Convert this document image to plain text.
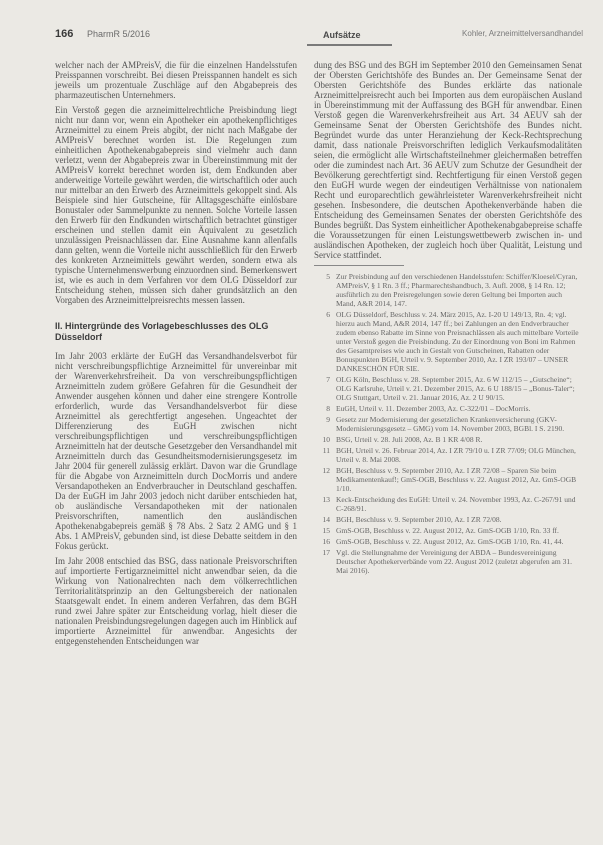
166 PharmR 5/2016	Aufsätze	Kohler, Arzneimittelversandhandel

welcher nach der AMPreisV, die für die einzelnen Handelsstufen Preisspannen vorschreibt. Bei diesen Preisspannen handelt es sich jeweils um prozentuale Zuschläge auf den Abgabepreis des pharmazeutischen Unternehmers.

Ein Verstoß gegen die arzneimittelrechtliche Preisbindung liegt nicht nur dann vor, wenn ein Apotheker ein apothekenpflichtiges Arzneimittel zu einem Preis abgibt, der nicht nach Maßgabe der AMPreisV berechnet worden ist. Die Regelungen zum einheitlichen Apothekenabgabepreis sind vielmehr auch dann verletzt, wenn der Abgabepreis zwar in Übereinstimmung mit der AMPreisV korrekt berechnet worden ist, dem Endkunden aber anderweitige Vorteile gewährt werden, die wirtschaftlich oder auch nur mittelbar an den Erwerb des Arzneimittels gekoppelt sind. Als Beispiele sind hier Gutscheine, für Alltagsgeschäfte einlösbare Bonustaler oder Sammelpunkte zu nennen. Solche Vorteile lassen den Erwerb für den Endkunden wirtschaftlich betrachtet günstiger erscheinen und stellen damit ein Äquivalent zu gesetzlich unzulässigen Preisnachlässen dar. Eine Ausnahme kann allenfalls dann gelten, wenn die Vorteile nicht ausschließlich für den Erwerb des konkreten Arzneimittels gewährt werden, sondern etwa als typische Unternehmenswerbung einzuordnen sind. Bemerkenswert ist, wie es auch in dem Verfahren vor dem OLG Düsseldorf zur Entscheidung stehen, müssen sich daher grundsätzlich an den Vorgaben des Arzneimittelpreisrechts messen lassen.

II. Hintergründe des Vorlagebeschlusses des OLG Düsseldorf

Im Jahr 2003 erklärte der EuGH das Versandhandelsverbot für nicht verschreibungspflichtige Arzneimittel für unvereinbar mit der Warenverkehrsfreiheit. Da von verschreibungspflichtigen Arzneimitteln zudem größere Gefahren für die Gesundheit der Anwender ausgehen können und daher eine strengere Kontrolle erforderlich, wurde das Versandhandelsverbot für diese Arzneimittel als gerechtfertigt angesehen. Ungeachtet der Differenzierung des EuGH zwischen nicht verschreibungspflichtigen und verschreibungspflichtigen Arzneimitteln hat der deutsche Gesetzgeber den Versandhandel mit Arzneimitteln durch das Gesundheitsmodernisierungsgesetz im Jahr 2004 für generell zulässig erklärt. Davon war die Grundlage für die Abgabe von Arzneimitteln durch DocMorris und andere Versandapotheken an Endverbraucher in Deutschland geschaffen. Da der EuGH im Jahr 2003 jedoch nicht darüber entschieden hat, ob ausländische Versandapotheken mit der nationalen Preisvorschriften, namentlich den ausländischen Apothekenabgabepreis gemäß § 78 Abs. 2 Satz 2 AMG und § 1 Abs. 1 AMPreisV, gebunden sind, ist diese Debatte seitdem in den Fokus gerückt.

Im Jahr 2008 entschied das BSG, dass nationale Preisvorschriften auf importierte Fertigarzneimittel nicht anwendbar seien, da die Wirkung von Nationalrechten nach dem völkerrechtlichen Territorialitätsprinzip an den Geltungsbereich der nationalen Staatsgewalt endet. In einem anderen Verfahren, das dem BGH rund zwei Jahre später zur Entscheidung vorlag, hielt dieser die nationalen Preisbindungsregelungen dagegen auch im Hinblick auf importierte Arzneimittel für anwendbar. Angesichts der entgegenstehenden Entscheidungen war

dung des BSG und des BGH im September 2010 den Gemeinsamen Senat der Obersten Gerichtshöfe des Bundes an. Der Gemeinsame Senat der Obersten Gerichtshöfe des Bundes erklärte das nationale Arzneimittelpreisrecht auch bei Importen aus dem europäischen Ausland in Übereinstimmung mit der Auffassung des BGH für anwendbar. Einen Verstoß gegen die Warenverkehrsfreiheit aus Art. 34 AEUV sah der Gemeinsame Senat der Obersten Gerichtshöfe des Bundes nicht. Begründet wurde das unter Heranziehung der Keck-Rechtsprechung damit, dass nationale Preisvorschriften lediglich Verkaufsmodalitäten seien, die ermöglicht alle Wirtschaftsteilnehmer gleichermaßen betreffen oder die zumindest nach Art. 36 AEUV zum Schutze der Gesundheit der Bevölkerung gerechtfertigt sind. Rechtfertigung für einen Verstoß gegen den EuGH wurde wegen der eindeutigen Verhältnisse von nationalem Recht und europarechtlich gewährleisteter Warenverkehrsfreiheit nicht gesehen. Insbesondere, die deutschen Apothekenverbände haben die Entscheidung des Gemeinsamen Senates der obersten Gerichtshöfe des Bundes begrüßt. Das System einheitlicher Apothekenabgabepreise schaffe die Voraussetzungen für einen Leistungswettbewerb zwischen in- und ausländischen Apotheken, der zugleich hoch über Qualität, Leistung und Service stattfindet.

5 Zur Preisbindung auf den verschiedenen Handelsstufen: Schiffer/Kloesel/Cyran, AMPreisV, § 1 Rn. 3 ff.; Pharmarechtshandbuch, 3. Aufl. 2008, § 14 Rn. 12; ausführlich zu den Preisregelungen sowie deren Geltung bei Importen auch Mand, A&R 2014, 147.
6 OLG Düsseldorf, Beschluss v. 24. März 2015, Az. I-20 U 149/13, Rn. 4; vgl. hierzu auch Mand, A&R 2014, 147 ff.; bei Zahlungen an den Endverbraucher zudem ebenso Rabatte im Sinne von Preisnachlässen als auch mittelbare Vorteile unter Verstoß gegen die Preisbindung. Zu der Einordnung von Boni im Rahmen des Gesamtpreises wie auch in Gestalt von Gutscheinen, Rabatten oder Bonuspunkten BGH, Urteil v. 9. September 2010, Az. I ZR 193/07 – UNSER DANKESCHÖN FÜR SIE.
7 OLG Köln, Beschluss v. 28. September 2015, Az. 6 W 112/15 – „Gutscheine“; OLG Karlsruhe, Urteil v. 21. Dezember 2015, Az. 6 U 188/15 – „Bonus-Taler“; OLG Stuttgart, Urteil v. 21. Januar 2016, Az. 2 U 90/15.
8 EuGH, Urteil v. 11. Dezember 2003, Az. C-322/01 – DocMorris.
9 Gesetz zur Modernisierung der gesetzlichen Krankenversicherung (GKV-Modernisierungsgesetz – GMG) vom 14. November 2003, BGBl. I S. 2190.
10 BSG, Urteil v. 28. Juli 2008, Az. B 1 KR 4/08 R.
11 BGH, Urteil v. 26. Februar 2014, Az. I ZR 79/10 u. I ZR 77/09; OLG München, Urteil v. 8. Mai 2008.
12 BGH, Beschluss v. 9. September 2010, Az. I ZR 72/08 – Sparen Sie beim Medikamentenkauf!; GmS-OGB, Beschluss v. 22. August 2012, Az. GmS-OGB 1/10.
13 Keck-Entscheidung des EuGH: Urteil v. 24. November 1993, Az. C-267/91 und C-268/91.
14 BGH, Beschluss v. 9. September 2010, Az. I ZR 72/08.
15 GmS-OGB, Beschluss v. 22. August 2012, Az. GmS-OGB 1/10, Rn. 33 ff.
16 GmS-OGB, Beschluss v. 22. August 2012, Az. GmS-OGB 1/10, Rn. 41, 44.
17 Vgl. die Stellungnahme der Vereinigung der ABDA – Bundesvereinigung Deutscher Apothekerverbände vom 22. August 2012 (zuletzt abgerufen am 31. Mai 2016).
